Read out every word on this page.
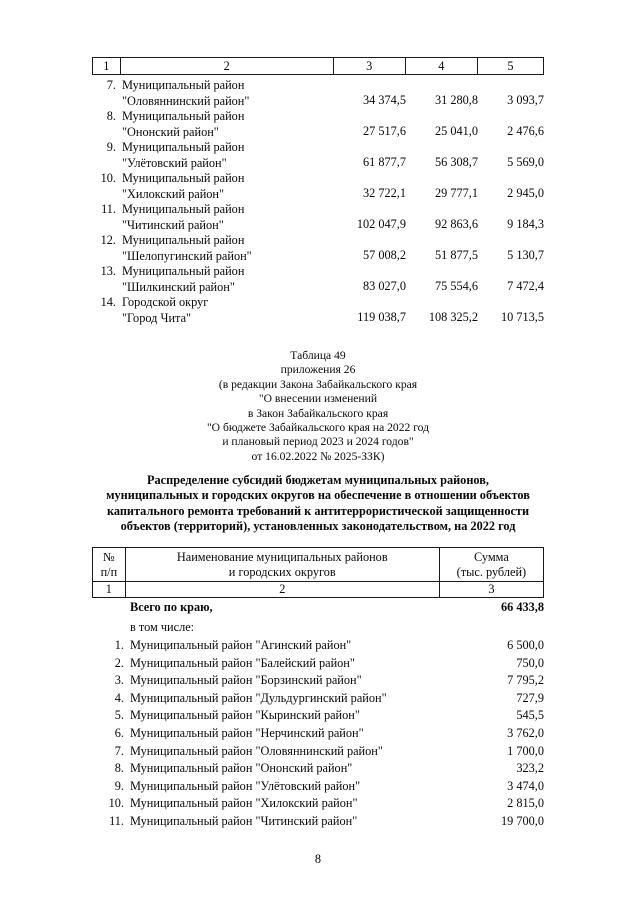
1	2	3	4	5
7. Муниципальный район
"Оловяннинский район"	34 374,5	31 280,8	3 093,7
8. Муниципальный район
"Ононский район"	27 517,6	25 041,0	2 476,6
9. Муниципальный район
"Улётовский район"	61 877,7	56 308,7	5 569,0
10. Муниципальный район
"Хилокский район"	32 722,1	29 777,1	2 945,0
11. Муниципальный район
"Читинский район"	102 047,9	92 863,6	9 184,3
12. Муниципальный район
"Шелопугинский район"	57 008,2	51 877,5	5 130,7
13. Муниципальный район
"Шилкинский район"	83 027,0	75 554,6	7 472,4
14. Городской округ
"Город Чита"	119 038,7	108 325,2	10 713,5
Таблица 49
приложения 26
(в редакции Закона Забайкальского края
"О внесении изменений
в Закон Забайкальского края
"О бюджете Забайкальского края на 2022 год
и плановый период 2023 и 2024 годов"
от 16.02.2022 № 2025-ЗЗК)
Распределение субсидий бюджетам муниципальных районов,
муниципальных и городских округов на обеспечение в отношении объектов
капитального ремонта требований к антитеррористической защищенности
объектов (территорий), установленных законодательством, на 2022 год
№
п/п	Наименование муниципальных районов
и городских округов	Сумма
(тыс. рублей)
1	2	3
Всего по краю,	66 433,8
в том числе:
1. Муниципальный район "Агинский район"	6 500,0
2. Муниципальный район "Балейский район"	750,0
3. Муниципальный район "Борзинский район"	7 795,2
4. Муниципальный район "Дульдургинский район"	727,9
5. Муниципальный район "Кыринский район"	545,5
6. Муниципальный район "Нерчинский район"	3 762,0
7. Муниципальный район "Оловяннинский район"	1 700,0
8. Муниципальный район "Ононский район"	323,2
9. Муниципальный район "Улётовский район"	3 474,0
10. Муниципальный район "Хилокский район"	2 815,0
11. Муниципальный район "Читинский район"	19 700,0
8
